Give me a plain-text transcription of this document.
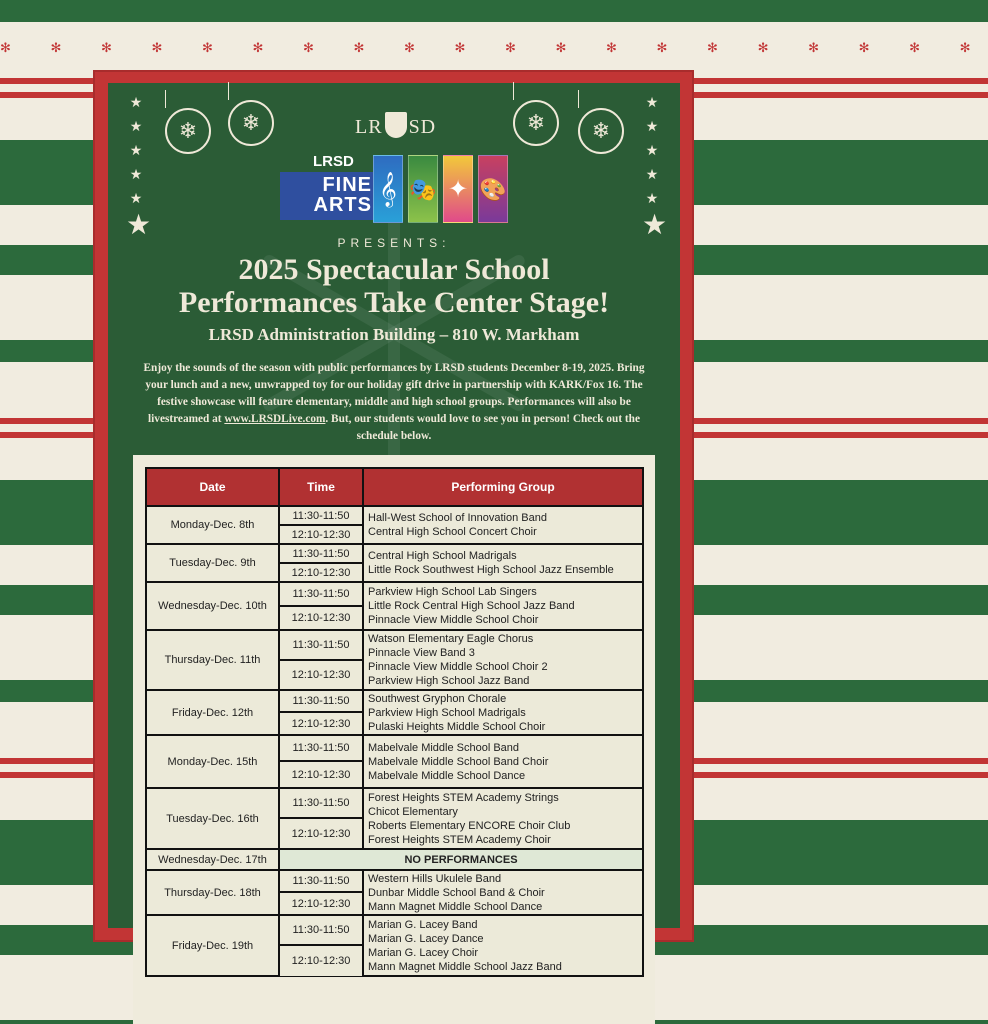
✻ ✻ ✻ ✻ ✻ ✻ ✻ ✻ ✻ ✻ ✻ ✻ ✻ ✻ ✻ ✻ ✻ ✻ ✻ ✻
❄	❄	❄	❄
★
★
★
★
★
★
★
★
★
★
★
★
LR SD
LRSD
FINE
ARTS 𝄞 🎭 ✦ 🎨
PRESENTS:
2025 Spectacular School
Performances Take Center Stage!
LRSD Administration Building – 810 W. Markham
Enjoy the sounds of the season with public performances by LRSD students December 8-19, 2025. Bring your lunch and a new, unwrapped toy for our holiday gift drive in partnership with KARK/Fox 16. The festive showcase will feature elementary, middle and high school groups. Performances will also be livestreamed at www.LRSDLive.com. But, our students would love to see you in person! Check out the schedule below.
Date	Time	Performing Group
Monday-Dec. 8th	11:30-11:50	Hall-West School of Innovation Band
Central High School Concert Choir

	12:10-12:30	
Tuesday-Dec. 9th	11:30-11:50	Central High School Madrigals
Little Rock Southwest High School Jazz Ensemble

	12:10-12:30	
Wednesday-Dec. 10th	11:30-11:50	Parkview High School Lab Singers
Little Rock Central High School Jazz Band
Pinnacle View Middle School Choir

	12:10-12:30	
Thursday-Dec. 11th	11:30-11:50	Watson Elementary Eagle Chorus
Pinnacle View Band 3
Pinnacle View Middle School Choir 2
Parkview High School Jazz Band

	12:10-12:30	
Friday-Dec. 12th	11:30-11:50	Southwest Gryphon Chorale
Parkview High School Madrigals
Pulaski Heights Middle School Choir

	12:10-12:30	
Monday-Dec. 15th	11:30-11:50	Mabelvale Middle School Band
Mabelvale Middle School Band Choir
Mabelvale Middle School Dance

	12:10-12:30	
Tuesday-Dec. 16th	11:30-11:50	Forest Heights STEM Academy Strings
Chicot Elementary
Roberts Elementary ENCORE Choir Club
Forest Heights STEM Academy Choir

	12:10-12:30	
Wednesday-Dec. 17th	NO PERFORMANCES	
Thursday-Dec. 18th	11:30-11:50	Western Hills Ukulele Band
Dunbar Middle School Band & Choir
Mann Magnet Middle School Dance

	12:10-12:30	
Friday-Dec. 19th	11:30-11:50	Marian G. Lacey Band
Marian G. Lacey Dance
Marian G. Lacey Choir
Mann Magnet Middle School Jazz Band

	12:10-12:30	
